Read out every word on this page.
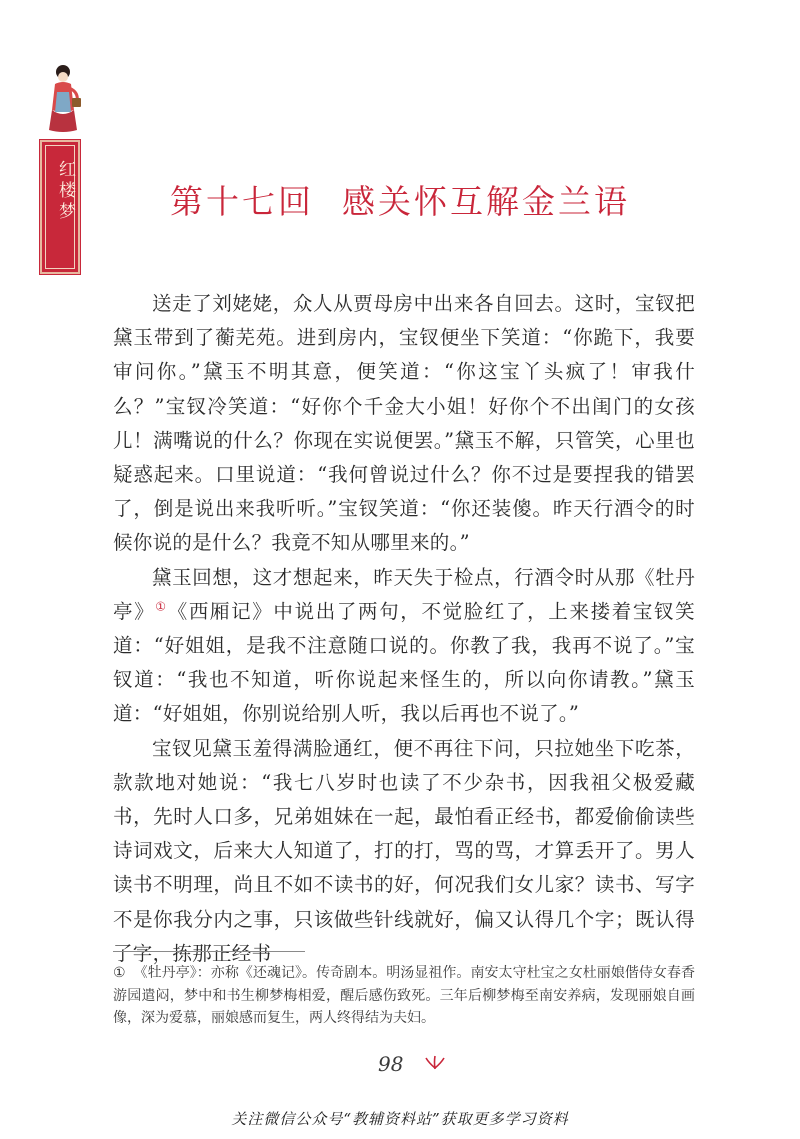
红楼梦	第十七回 感关怀互解金兰语

送走了刘姥姥，众人从贾母房中出来各自回去。这时，宝钗把黛玉带到了蘅芜苑。进到房内，宝钗便坐下笑道：“你跪下，我要审问你。”黛玉不明其意，便笑道：“你这宝丫头疯了！审我什么？”宝钗冷笑道：“好你个千金大小姐！好你个不出闺门的女孩儿！满嘴说的什么？你现在实说便罢。”黛玉不解，只管笑，心里也疑惑起来。口里说道：“我何曾说过什么？你不过是要捏我的错罢了，倒是说出来我听听。”宝钗笑道：“你还装傻。昨天行酒令的时候你说的是什么？我竟不知从哪里来的。”

黛玉回想，这才想起来，昨天失于检点，行酒令时从那《牡丹亭》①《西厢记》中说出了两句，不觉脸红了，上来搂着宝钗笑道：“好姐姐，是我不注意随口说的。你教了我，我再不说了。”宝钗道：“我也不知道，听你说起来怪生的，所以向你请教。”黛玉道：“好姐姐，你别说给别人听，我以后再也不说了。”

宝钗见黛玉羞得满脸通红，便不再往下问，只拉她坐下吃茶，款款地对她说：“我七八岁时也读了不少杂书，因我祖父极爱藏书，先时人口多，兄弟姐妹在一起，最怕看正经书，都爱偷偷读些诗词戏文，后来大人知道了，打的打，骂的骂，才算丢开了。男人读书不明理，尚且不如不读书的好，何况我们女儿家？读书、写字不是你我分内之事，只该做些针线就好，偏又认得几个字；既认得了字，拣那正经书

① 《牡丹亭》：亦称《还魂记》。传奇剧本。明汤显祖作。南安太守杜宝之女杜丽娘偕侍女春香游园遣闷，梦中和书生柳梦梅相爱，醒后感伤致死。三年后柳梦梅至南安养病，发现丽娘自画像，深为爱慕，丽娘感而复生，两人终得结为夫妇。
98
关注微信公众号“教辅资料站”获取更多学习资料
